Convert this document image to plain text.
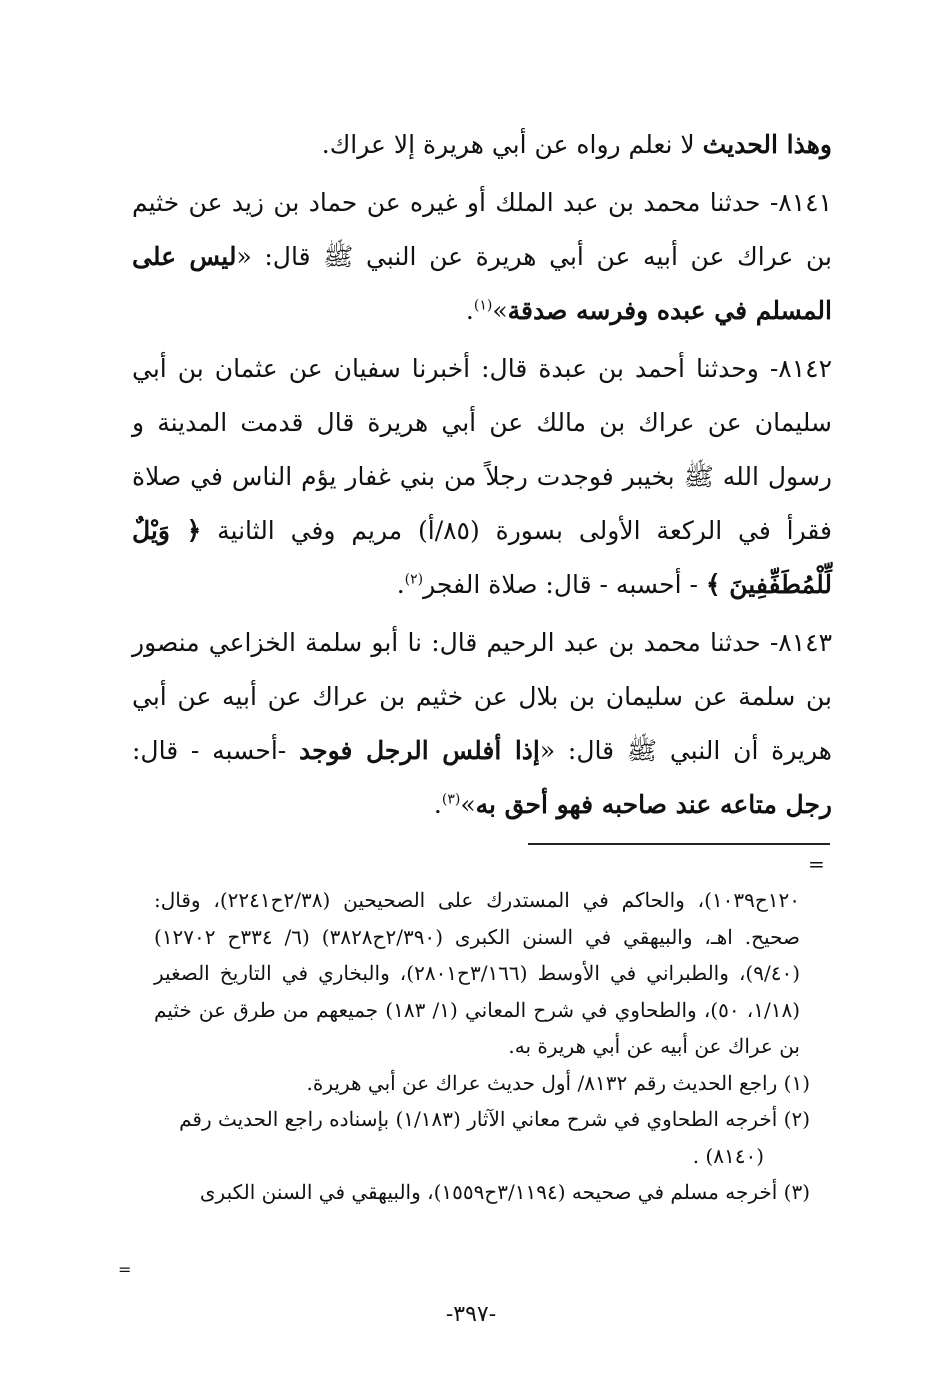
وهذا الحديث لا نعلم رواه عن أبي هريرة إلا عراك.

٨١٤١- حدثنا محمد بن عبد الملك أو غيره عن حماد بن زيد عن خثيم بن عراك عن أبيه عن أبي هريرة عن النبي ﷺ قال: «ليس على المسلم في عبده وفرسه صدقة»$^{(١)}$.

٨١٤٢- وحدثنا أحمد بن عبدة قال: أخبرنا سفيان عن عثمان بن أبي سليمان عن عراك بن مالك عن أبي هريرة قال قدمت المدينة و رسول الله ﷺ بخيبر فوجدت رجلاً من بني غفار يؤم الناس في صلاة فقرأ في الركعة الأولى بسورة (٨٥/أ) مريم وفي الثانية ﴿ وَيْلٌ لِّلْمُطَفِّفِينَ ﴾ - أحسبه - قال: صلاة الفجر$^{(٢)}$.

٨١٤٣- حدثنا محمد بن عبد الرحيم قال: نا أبو سلمة الخزاعي منصور بن سلمة عن سليمان بن بلال عن خثيم بن عراك عن أبيه عن أبي هريرة أن النبي ﷺ قال: «إذا أفلس الرجل فوجد -أحسبه - قال: رجل متاعه عند صاحبه فهو أحق به»$^{(٣)}$.

=

١٢٠ح١٠٣٩)، والحاكم في المستدرك على الصحيحين (٢/٣٨ح٢٢٤١)، وقال: صحيح. اهـ، والبيهقي في السنن الكبرى (٢/٣٩٠ح٣٨٢٨) (٦/ ٣٣٤ح ١٢٧٠٢) (٩/٤٠)، والطبراني في الأوسط (٣/١٦٦ح٢٨٠١)، والبخاري في التاريخ الصغير (١/١٨، ٥٠)، والطحاوي في شرح المعاني (١/ ١٨٣) جميعهم من طرق عن خثيم بن عراك عن أبيه عن أبي هريرة به.

(١) راجع الحديث رقم ٨١٣٢/ أول حديث عراك عن أبي هريرة.

(٢) أخرجه الطحاوي في شرح معاني الآثار (١/١٨٣) بإسناده راجع الحديث رقم

(٨١٤٠) .

(٣) أخرجه مسلم في صحيحه (٣/١١٩٤ح١٥٥٩)، والبيهقي في السنن الكبرى

=
-٣٩٧-
